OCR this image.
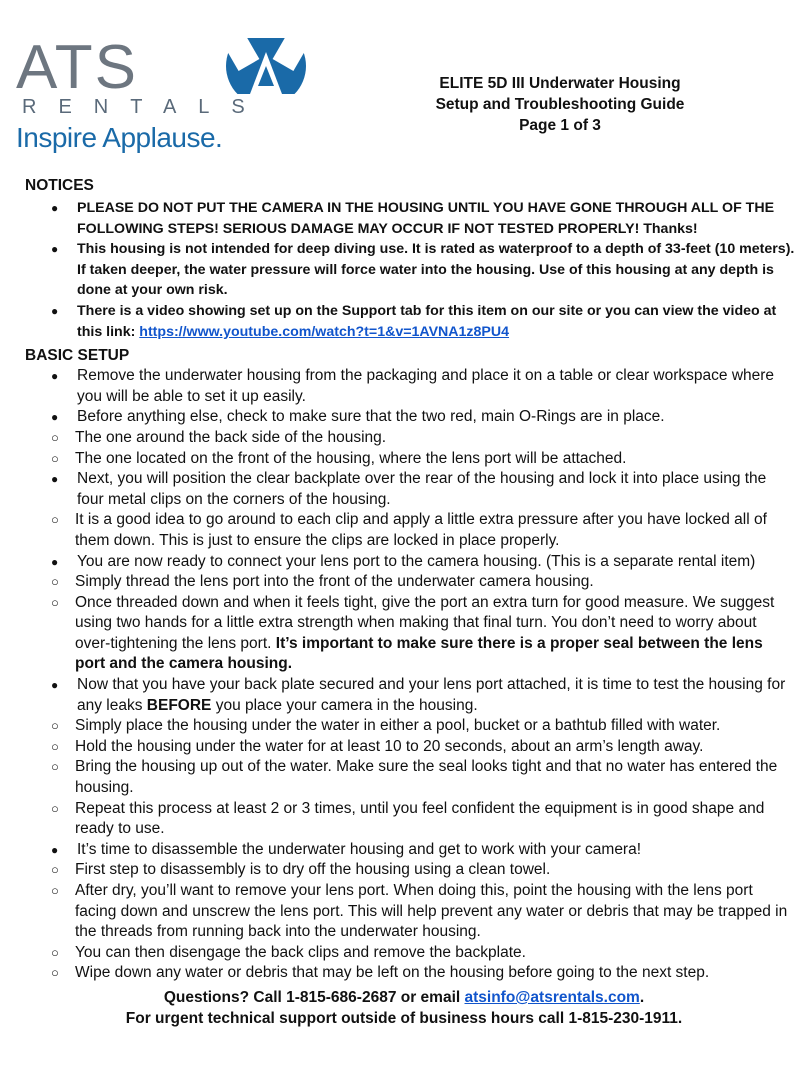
ATS
RENTALS
Inspire Applause.
ELITE 5D III Underwater Housing
Setup and Troubleshooting Guide
Page 1 of 3
NOTICES
● PLEASE DO NOT PUT THE CAMERA IN THE HOUSING UNTIL YOU HAVE GONE THROUGH ALL OF THE FOLLOWING STEPS! SERIOUS DAMAGE MAY OCCUR IF NOT TESTED PROPERLY! Thanks!
● This housing is not intended for deep diving use. It is rated as waterproof to a depth of 33-feet (10 meters). If taken deeper, the water pressure will force water into the housing. Use of this housing at any depth is done at your own risk.
● There is a video showing set up on the Support tab for this item on our site or you can view the video at this link: https://www.youtube.com/watch?t=1&v=1AVNA1z8PU4
BASIC SETUP
● Remove the underwater housing from the packaging and place it on a table or clear workspace where you will be able to set it up easily.
● Before anything else, check to make sure that the two red, main O-Rings are in place.
○ The one around the back side of the housing.
○ The one located on the front of the housing, where the lens port will be attached.
● Next, you will position the clear backplate over the rear of the housing and lock it into place using the four metal clips on the corners of the housing.
○ It is a good idea to go around to each clip and apply a little extra pressure after you have locked all of them down. This is just to ensure the clips are locked in place properly.
● You are now ready to connect your lens port to the camera housing. (This is a separate rental item)
○ Simply thread the lens port into the front of the underwater camera housing.
○ Once threaded down and when it feels tight, give the port an extra turn for good measure. We suggest using two hands for a little extra strength when making that final turn. You don’t need to worry about over-tightening the lens port. It’s important to make sure there is a proper seal between the lens port and the camera housing.
● Now that you have your back plate secured and your lens port attached, it is time to test the housing for any leaks BEFORE you place your camera in the housing.
○ Simply place the housing under the water in either a pool, bucket or a bathtub filled with water.
○ Hold the housing under the water for at least 10 to 20 seconds, about an arm’s length away.
○ Bring the housing up out of the water. Make sure the seal looks tight and that no water has entered the housing.
○ Repeat this process at least 2 or 3 times, until you feel confident the equipment is in good shape and ready to use.
● It’s time to disassemble the underwater housing and get to work with your camera!
○ First step to disassembly is to dry off the housing using a clean towel.
○ After dry, you’ll want to remove your lens port. When doing this, point the housing with the lens port facing down and unscrew the lens port. This will help prevent any water or debris that may be trapped in the threads from running back into the underwater housing.
○ You can then disengage the back clips and remove the backplate.
○ Wipe down any water or debris that may be left on the housing before going to the next step.
Questions? Call 1-815-686-2687 or email atsinfo@atsrentals.com.
For urgent technical support outside of business hours call 1-815-230-1911.
